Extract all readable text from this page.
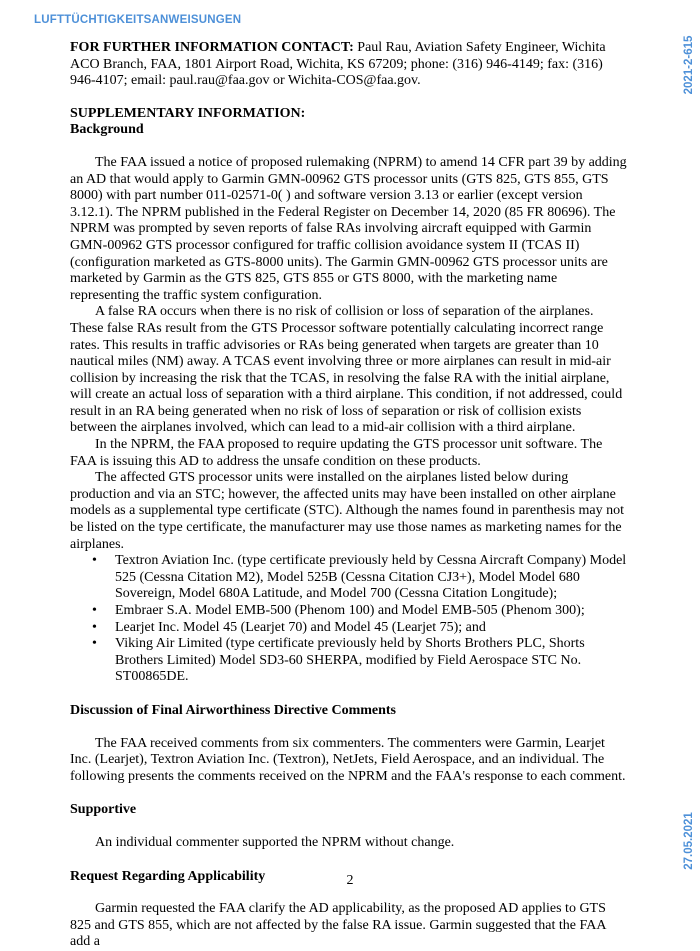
LUFTTÜCHTIGKEITSANWEISUNGEN
2021-2-615
27.05.2021

FOR FURTHER INFORMATION CONTACT: Paul Rau, Aviation Safety Engineer, Wichita ACO Branch, FAA, 1801 Airport Road, Wichita, KS 67209; phone: (316) 946-4149; fax: (316) 946-4107; email: paul.rau@faa.gov or Wichita-COS@faa.gov.

SUPPLEMENTARY INFORMATION:

Background

The FAA issued a notice of proposed rulemaking (NPRM) to amend 14 CFR part 39 by adding an AD that would apply to Garmin GMN-00962 GTS processor units (GTS 825, GTS 855, GTS 8000) with part number 011-02571-0( ) and software version 3.13 or earlier (except version 3.12.1). The NPRM published in the Federal Register on December 14, 2020 (85 FR 80696). The NPRM was prompted by seven reports of false RAs involving aircraft equipped with Garmin GMN-00962 GTS processor configured for traffic collision avoidance system II (TCAS II) (configuration marketed as GTS-8000 units). The Garmin GMN-00962 GTS processor units are marketed by Garmin as the GTS 825, GTS 855 or GTS 8000, with the marketing name representing the traffic system configuration.

A false RA occurs when there is no risk of collision or loss of separation of the airplanes. These false RAs result from the GTS Processor software potentially calculating incorrect range rates. This results in traffic advisories or RAs being generated when targets are greater than 10 nautical miles (NM) away. A TCAS event involving three or more airplanes can result in mid-air collision by increasing the risk that the TCAS, in resolving the false RA with the initial airplane, will create an actual loss of separation with a third airplane. This condition, if not addressed, could result in an RA being generated when no risk of loss of separation or risk of collision exists between the airplanes involved, which can lead to a mid-air collision with a third airplane.

In the NPRM, the FAA proposed to require updating the GTS processor unit software. The FAA is issuing this AD to address the unsafe condition on these products.

The affected GTS processor units were installed on the airplanes listed below during production and via an STC; however, the affected units may have been installed on other airplane models as a supplemental type certificate (STC). Although the names found in parenthesis may not be listed on the type certificate, the manufacturer may use those names as marketing names for the airplanes.

• Textron Aviation Inc. (type certificate previously held by Cessna Aircraft Company) Model 525 (Cessna Citation M2), Model 525B (Cessna Citation CJ3+), Model Model 680 Sovereign, Model 680A Latitude, and Model 700 (Cessna Citation Longitude);
• Embraer S.A. Model EMB-500 (Phenom 100) and Model EMB-505 (Phenom 300);
• Learjet Inc. Model 45 (Learjet 70) and Model 45 (Learjet 75); and
• Viking Air Limited (type certificate previously held by Shorts Brothers PLC, Shorts Brothers Limited) Model SD3-60 SHERPA, modified by Field Aerospace STC No. ST00865DE.

Discussion of Final Airworthiness Directive Comments

The FAA received comments from six commenters. The commenters were Garmin, Learjet Inc. (Learjet), Textron Aviation Inc. (Textron), NetJets, Field Aerospace, and an individual. The following presents the comments received on the NPRM and the FAA's response to each comment.

Supportive

An individual commenter supported the NPRM without change.

Request Regarding Applicability

Garmin requested the FAA clarify the AD applicability, as the proposed AD applies to GTS 825 and GTS 855, which are not affected by the false RA issue. Garmin suggested that the FAA add a

2
